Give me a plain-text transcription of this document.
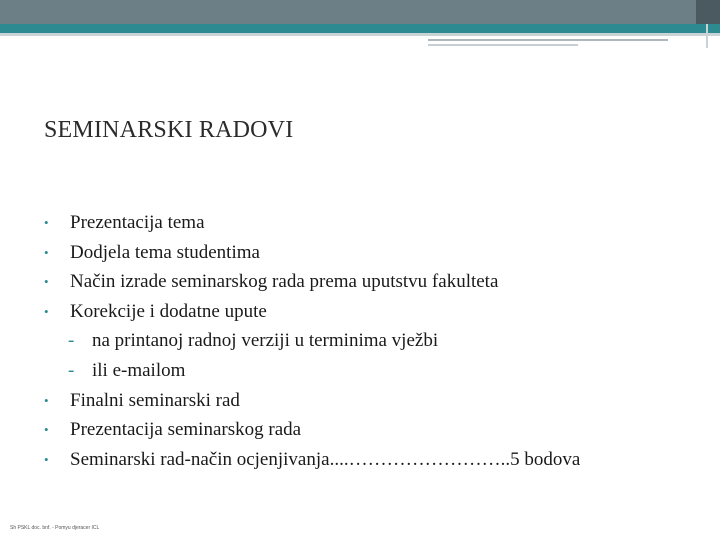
SEMINARSKI RADOVI
•	Prezentacija tema
•	Dodjela tema studentima
•	Način izrade seminarskog rada prema uputstvu fakulteta
•	Korekcije i dodatne upute
- na printanoj radnoj verziji u terminima vježbi
- ili e-mailom
•	Finalni seminarski rad
•	Prezentacija seminarskog rada
•	Seminarski rad-način ocjenjivanja....……………………..5 bodova
Sh PSKL doc. bnf. - Pomyu djeracer ICL
